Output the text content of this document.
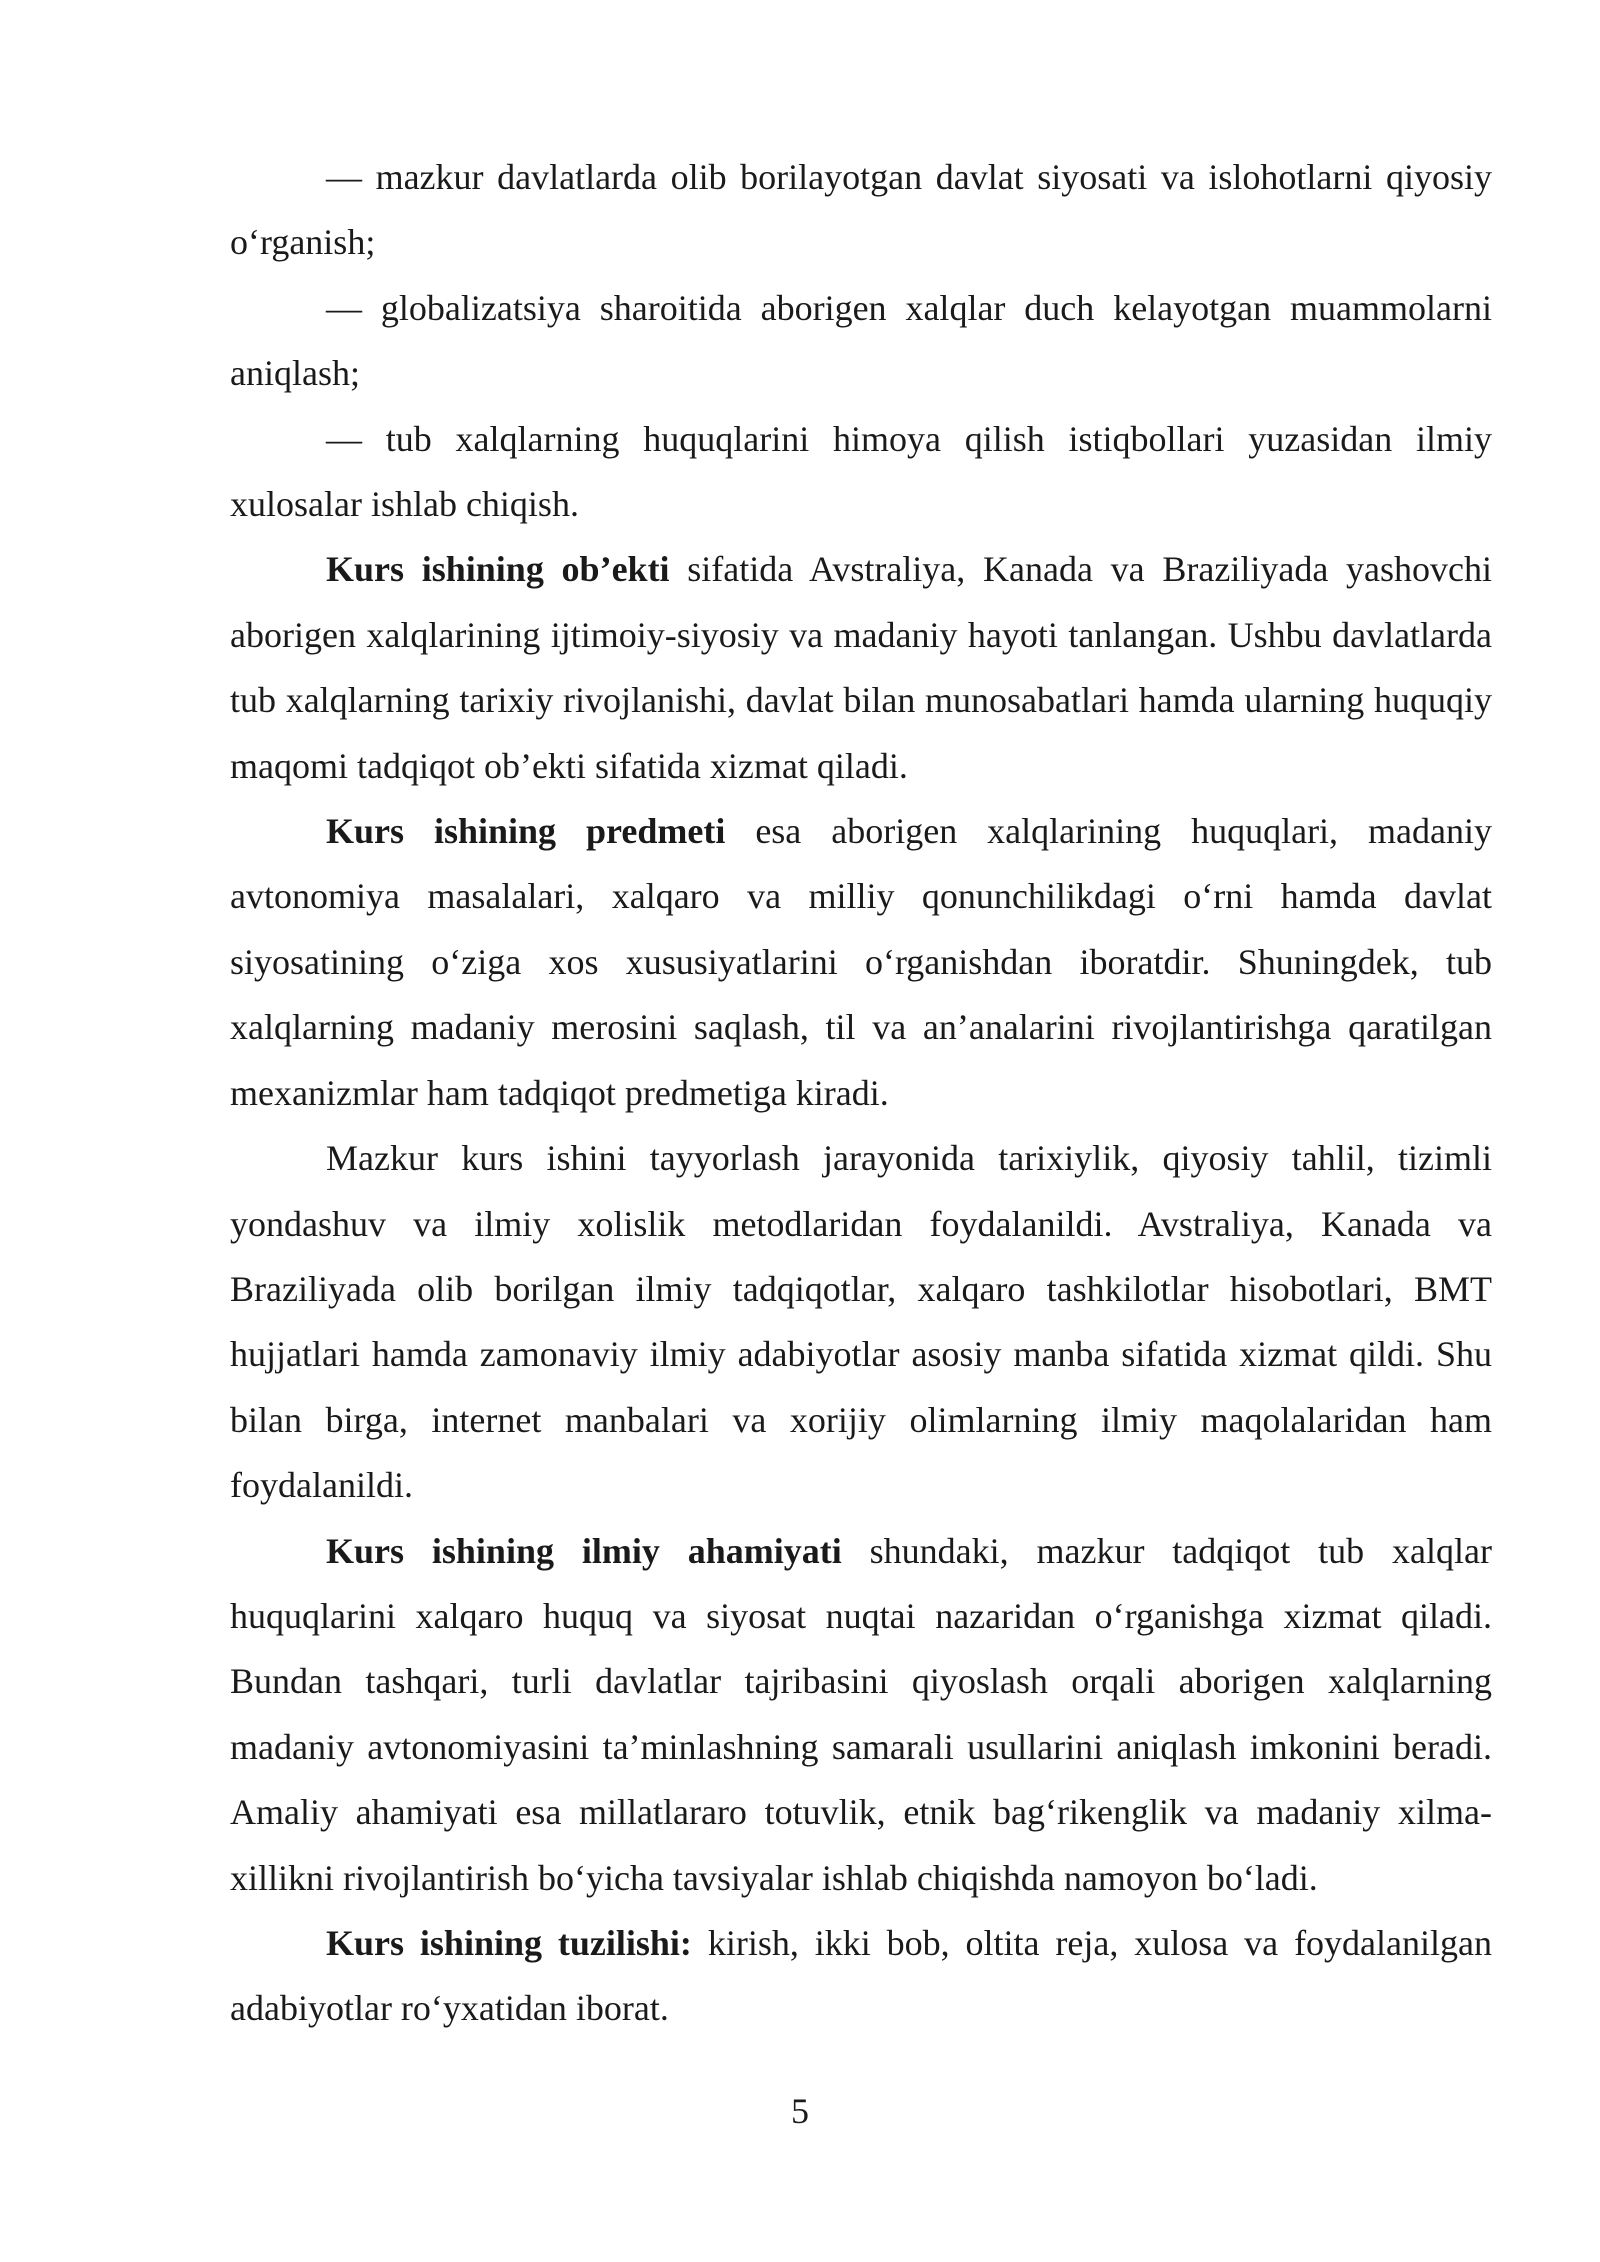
— mazkur davlatlarda olib borilayotgan davlat siyosati va islohotlarni qiyosiy o‘rganish;

— globalizatsiya sharoitida aborigen xalqlar duch kelayotgan muammolarni aniqlash;

— tub xalqlarning huquqlarini himoya qilish istiqbollari yuzasidan ilmiy xulosalar ishlab chiqish.

Kurs ishining ob’ekti sifatida Avstraliya, Kanada va Braziliyada yashovchi aborigen xalqlarining ijtimoiy-siyosiy va madaniy hayoti tanlangan. Ushbu davlatlarda tub xalqlarning tarixiy rivojlanishi, davlat bilan munosabatlari hamda ularning huquqiy maqomi tadqiqot ob’ekti sifatida xizmat qiladi.

Kurs ishining predmeti esa aborigen xalqlarining huquqlari, madaniy avtonomiya masalalari, xalqaro va milliy qonunchilikdagi o‘rni hamda davlat siyosatining o‘ziga xos xususiyatlarini o‘rganishdan iboratdir. Shuningdek, tub xalqlarning madaniy merosini saqlash, til va an’analarini rivojlantirishga qaratilgan mexanizmlar ham tadqiqot predmetiga kiradi.

Mazkur kurs ishini tayyorlash jarayonida tarixiylik, qiyosiy tahlil, tizimli yondashuv va ilmiy xolislik metodlaridan foydalanildi. Avstraliya, Kanada va Braziliyada olib borilgan ilmiy tadqiqotlar, xalqaro tashkilotlar hisobotlari, BMT hujjatlari hamda zamonaviy ilmiy adabiyotlar asosiy manba sifatida xizmat qildi. Shu bilan birga, internet manbalari va xorijiy olimlarning ilmiy maqolalaridan ham foydalanildi.

Kurs ishining ilmiy ahamiyati shundaki, mazkur tadqiqot tub xalqlar huquqlarini xalqaro huquq va siyosat nuqtai nazaridan o‘rganishga xizmat qiladi. Bundan tashqari, turli davlatlar tajribasini qiyoslash orqali aborigen xalqlarning madaniy avtonomiyasini ta’minlashning samarali usullarini aniqlash imkonini beradi. Amaliy ahamiyati esa millatlararo totuvlik, etnik bag‘rikenglik va madaniy xilma-xillikni rivojlantirish bo‘yicha tavsiyalar ishlab chiqishda namoyon bo‘ladi.

Kurs ishining tuzilishi: kirish, ikki bob, oltita reja, xulosa va foydalanilgan adabiyotlar ro‘yxatidan iborat.

5
